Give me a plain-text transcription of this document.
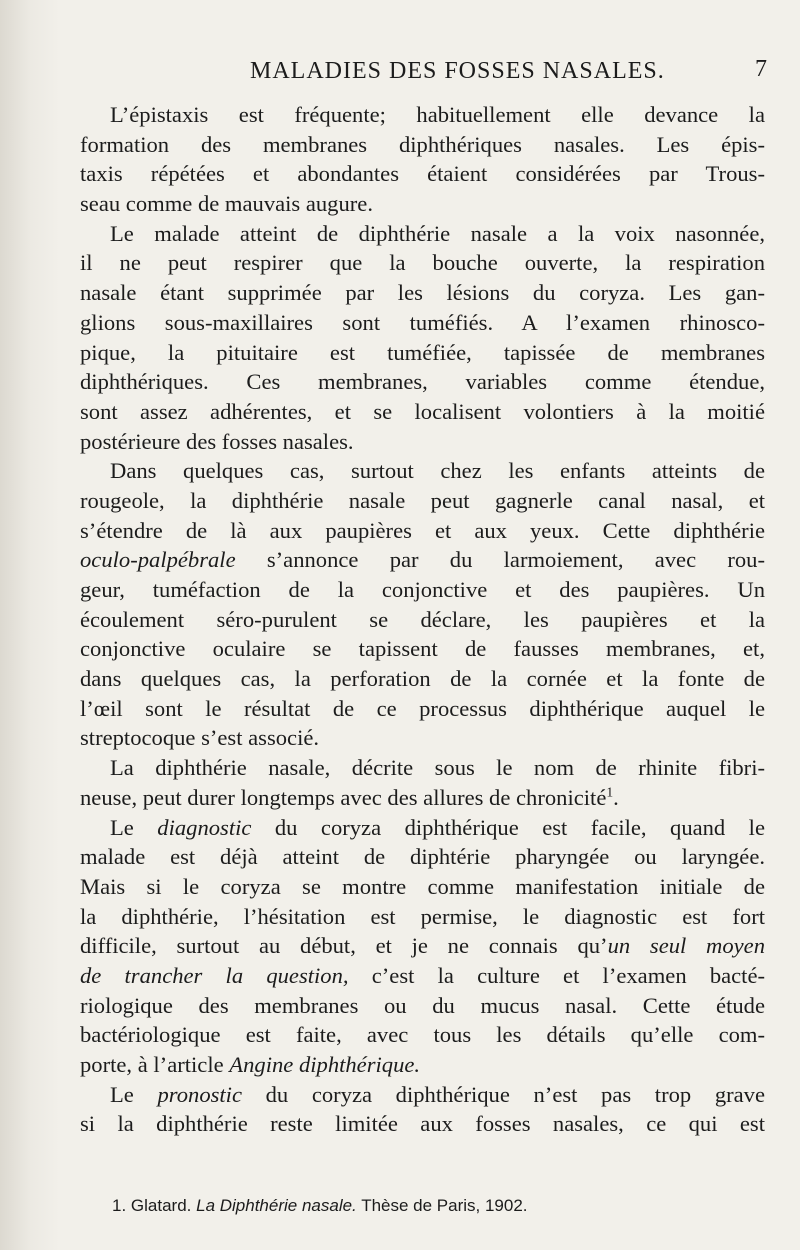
MALADIES DES FOSSES NASALES.	7
L’épistaxis est fréquente; habituellement elle devance la
formation des membranes diphthériques nasales. Les épis-
taxis répétées et abondantes étaient considérées par Trous-
seau comme de mauvais augure.
Le malade atteint de diphthérie nasale a la voix nasonnée,
il ne peut respirer que la bouche ouverte, la respiration
nasale étant supprimée par les lésions du coryza. Les gan-
glions sous-maxillaires sont tuméfiés. A l’examen rhinosco-
pique, la pituitaire est tuméfiée, tapissée de membranes
diphthériques. Ces membranes, variables comme étendue,
sont assez adhérentes, et se localisent volontiers à la moitié
postérieure des fosses nasales.
Dans quelques cas, surtout chez les enfants atteints de
rougeole, la diphthérie nasale peut gagnerle canal nasal, et
s’étendre de là aux paupières et aux yeux. Cette diphthérie
oculo-palpébrale s’annonce par du larmoiement, avec rou-
geur, tuméfaction de la conjonctive et des paupières. Un
écoulement séro-purulent se déclare, les paupières et la
conjonctive oculaire se tapissent de fausses membranes, et,
dans quelques cas, la perforation de la cornée et la fonte de
l’œil sont le résultat de ce processus diphthérique auquel le
streptocoque s’est associé.
La diphthérie nasale, décrite sous le nom de rhinite fibri-
neuse, peut durer longtemps avec des allures de chronicité$^1$.
Le diagnostic du coryza diphthérique est facile, quand le
malade est déjà atteint de diphtérie pharyngée ou laryngée.
Mais si le coryza se montre comme manifestation initiale de
la diphthérie, l’hésitation est permise, le diagnostic est fort
difficile, surtout au début, et je ne connais qu’un seul moyen
de trancher la question, c’est la culture et l’examen bacté-
riologique des membranes ou du mucus nasal. Cette étude
bactériologique est faite, avec tous les détails qu’elle com-
porte, à l’article Angine diphthérique.
Le pronostic du coryza diphthérique n’est pas trop grave
si la diphthérie reste limitée aux fosses nasales, ce qui est
1. Glatard. La Diphthérie nasale. Thèse de Paris, 1902.
